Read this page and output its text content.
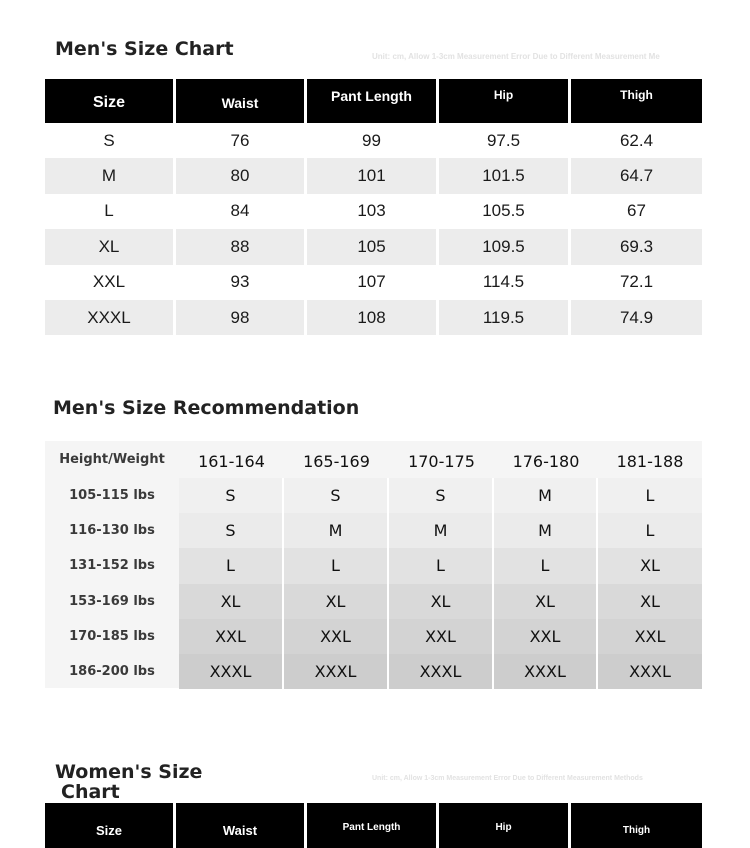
Men's Size Chart	Unit: cm, Allow 1-3cm Measurement Error Due to Different Measurement Me
Size	Waist	Pant Length	Hip	Thigh
S	76	99	97.5	62.4
M	80	101	101.5	64.7
L	84	103	105.5	67
XL	88	105	109.5	69.3
XXL	93	107	114.5	72.1
XXXL	98	108	119.5	74.9
Men's Size Recommendation
Height/Weight	161-164	165-169	170-175	176-180	181-188
105-115 lbs	S	S	S	M	L
116-130 lbs	S	M	M	M	L
131-152 lbs	L	L	L	L	XL
153-169 lbs	XL	XL	XL	XL	XL
170-185 lbs	XXL	XXL	XXL	XXL	XXL
186-200 lbs	XXXL	XXXL	XXXL	XXXL	XXXL
Women's Size
Chart
Unit: cm, Allow 1-3cm Measurement Error Due to Different Measurement Methods
Size	Waist	Pant Length	Hip	Thigh
